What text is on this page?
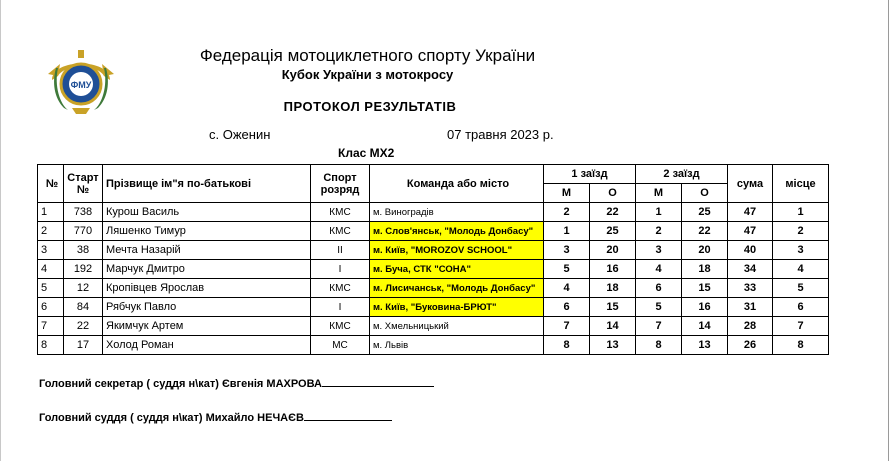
ФМУ
Федерація мотоциклетного спорту України
Кубок України з мотокросу
ПРОТОКОЛ РЕЗУЛЬТАТІВ
с. Оженин	07 травня 2023 р.
Клас MX2
№	Старт №	Прізвище ім"я по-батькові	Спорт розряд	Команда або місто	1 заїзд		2 заїзд		сума	місце
					М	О	М	О		
1	738	Курош Василь	КМС	м. Виноградів	2	22	1	25	47	1
2	770	Ляшенко Тимур	КМС	м. Слов'янськ, "Молодь Донбасу"	1	25	2	22	47	2
3	38	Мечта Назарій	II	м. Київ, "MOROZOV SCHOOL"	3	20	3	20	40	3
4	192	Марчук Дмитро	I	м. Буча, СТК "СОНА"	5	16	4	18	34	4
5	12	Кропівцев Ярослав	КМС	м. Лисичанськ, "Молодь Донбасу"	4	18	6	15	33	5
6	84	Рябчук Павло	I	м. Київ, "Буковина-БРЮТ"	6	15	5	16	31	6
7	22	Якимчук Артем	КМС	м. Хмельницький	7	14	7	14	28	7
8	17	Холод Роман	МС	м. Львів	8	13	8	13	26	8
Головний секретар ( суддя н\кат) Євгенія МАХРОВА
Головний суддя ( суддя н\кат) Михайло НЕЧАЄВ
